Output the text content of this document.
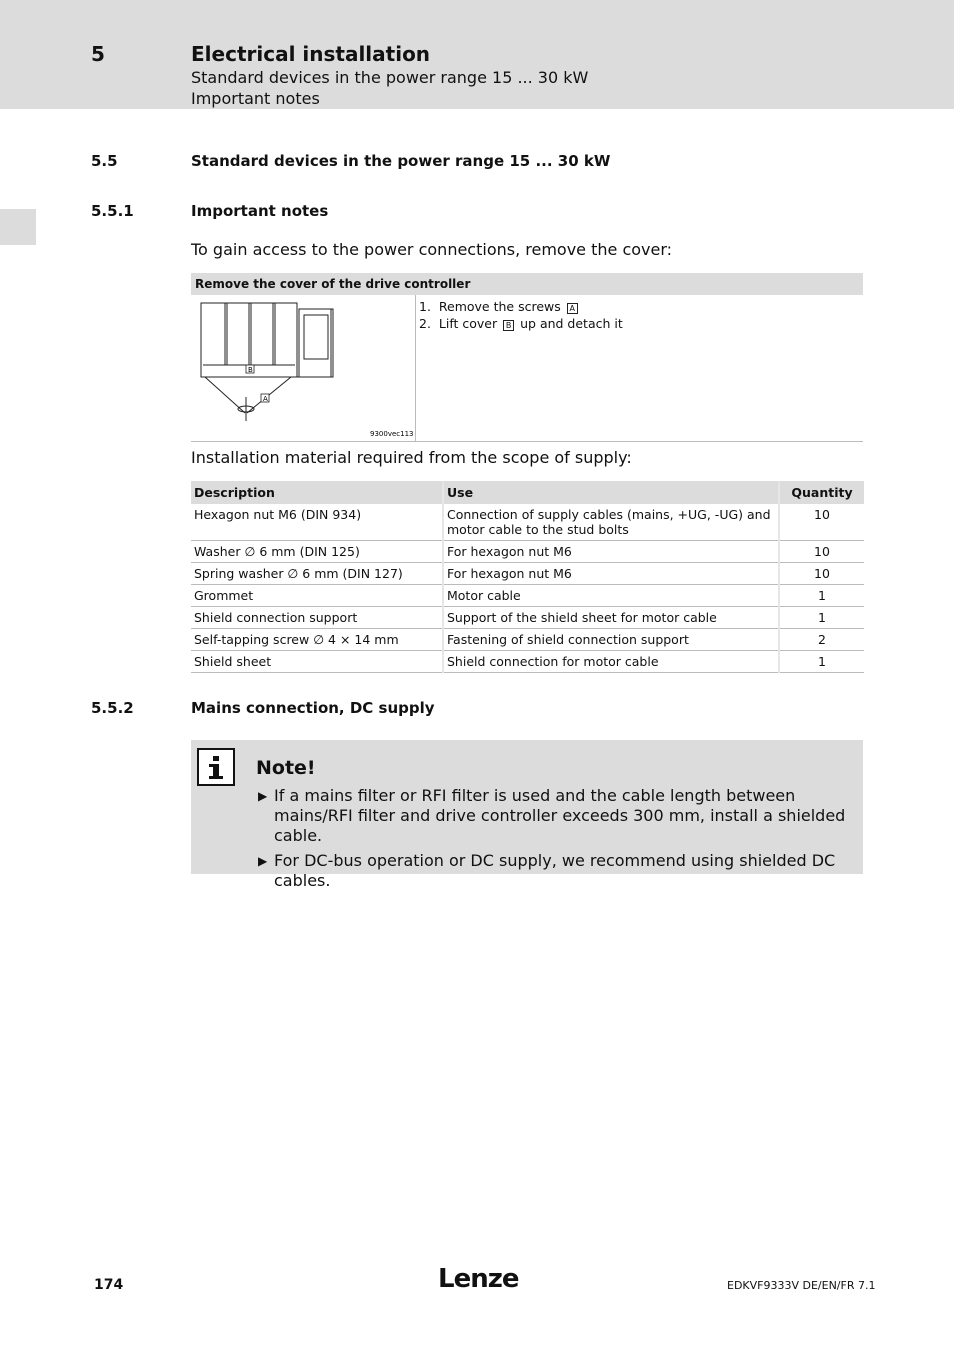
5	Electrical installation
Standard devices in the power range 15 ... 30 kW
Important notes
5.5	Standard devices in the power range 15 ... 30 kW
5.5.1	Important notes
To gain access to the power connections, remove the cover:
Remove the cover of the drive controller
B
A
9300vec113
1. Remove the screws A
2. Lift cover B up and detach it
Installation material required from the scope of supply:
Description	Use	Quantity
Hexagon nut M6 (DIN 934)	Connection of supply cables (mains, +UG, -UG) and motor cable to the stud bolts	10
Washer ∅ 6 mm (DIN 125)	For hexagon nut M6	10
Spring washer ∅ 6 mm (DIN 127)	For hexagon nut M6	10
Grommet	Motor cable	1
Shield connection support	Support of the shield sheet for motor cable	1
Self-tapping screw ∅ 4 × 14 mm	Fastening of shield connection support	2
Shield sheet	Shield connection for motor cable	1
5.5.2	Mains connection, DC supply
Note!
▶ If a mains filter or RFI filter is used and the cable length between mains/RFI filter and drive controller exceeds 300 mm, install a shielded cable.
▶ For DC-bus operation or DC supply, we recommend using shielded DC cables.
174	Lenze	EDKVF9333V DE/EN/FR 7.1
